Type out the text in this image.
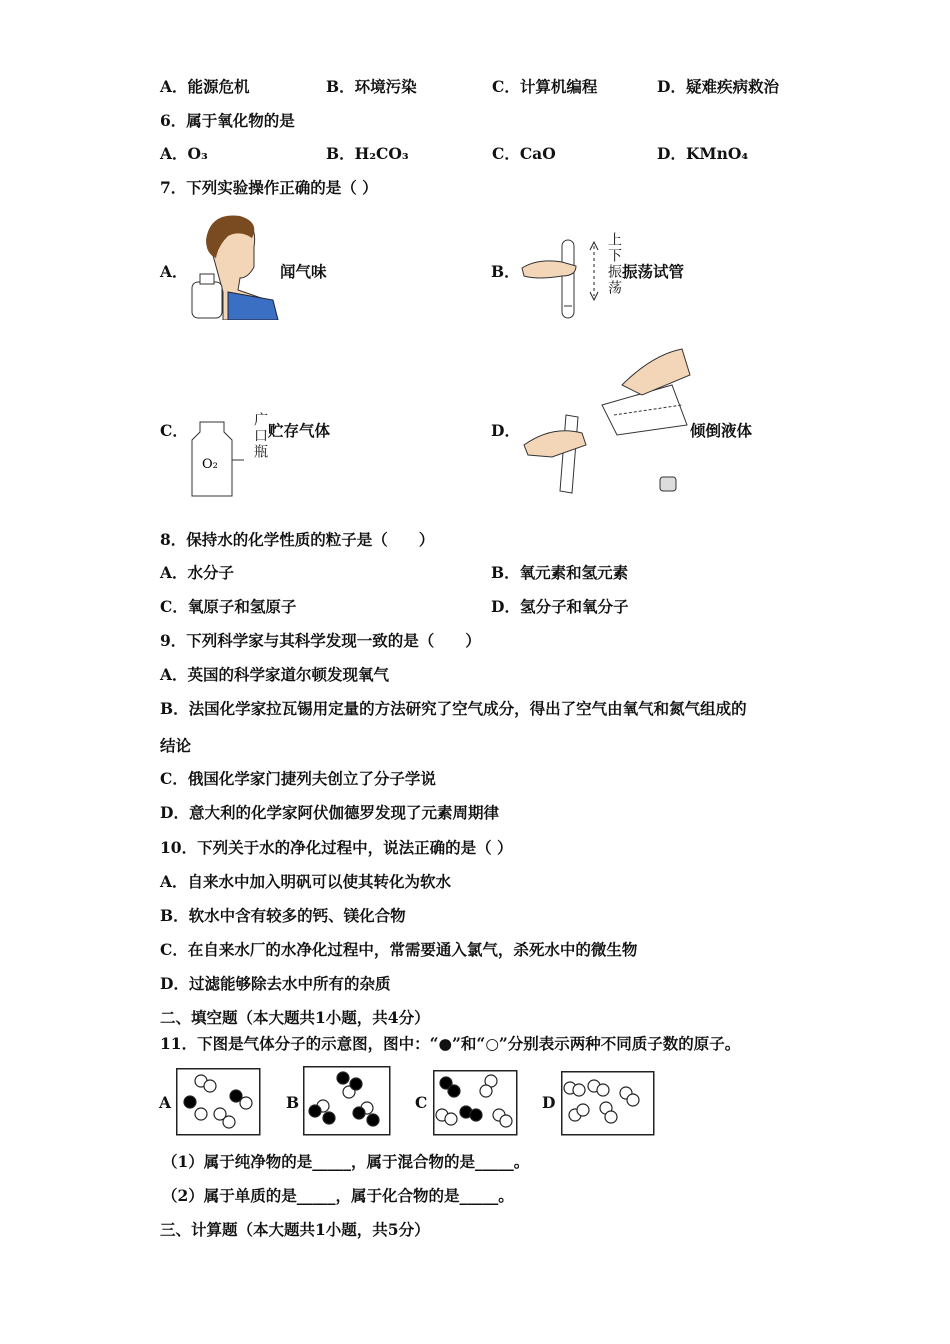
A．能源危机	B．环境污染	C．计算机编程	D．疑难疾病救治
6．属于氧化物的是
A．O₃	B．H₂CO₃	C．CaO	D．KMnO₄
7．下列实验操作正确的是（ ）
A．	闻气味	B．	上下振荡 振荡试管
C．
O₂
广口瓶 贮存气体	D．	倾倒液体
8．保持水的化学性质的粒子是（　　）
A．水分子	B．氧元素和氢元素
C．氧原子和氢原子	D．氢分子和氧分子
9．下列科学家与其科学发现一致的是（　　）
A．英国的科学家道尔顿发现氧气
B．法国化学家拉瓦锡用定量的方法研究了空气成分，得出了空气由氧气和氮气组成的
结论
C．俄国化学家门捷列夫创立了分子学说
D．意大利的化学家阿伏伽德罗发现了元素周期律
10．下列关于水的净化过程中，说法正确的是（ ）
A．自来水中加入明矾可以使其转化为软水
B．软水中含有较多的钙、镁化合物
C．在自来水厂的水净化过程中，常需要通入氯气，杀死水中的微生物
D．过滤能够除去水中所有的杂质
二、填空题（本大题共1小题，共4分）
11．下图是气体分子的示意图，图中：“●”和“○”分别表示两种不同质子数的原子。
A	B	C	D
（1）属于纯净物的是_____，属于混合物的是_____。
（2）属于单质的是_____，属于化合物的是_____。
三、计算题（本大题共1小题，共5分）
